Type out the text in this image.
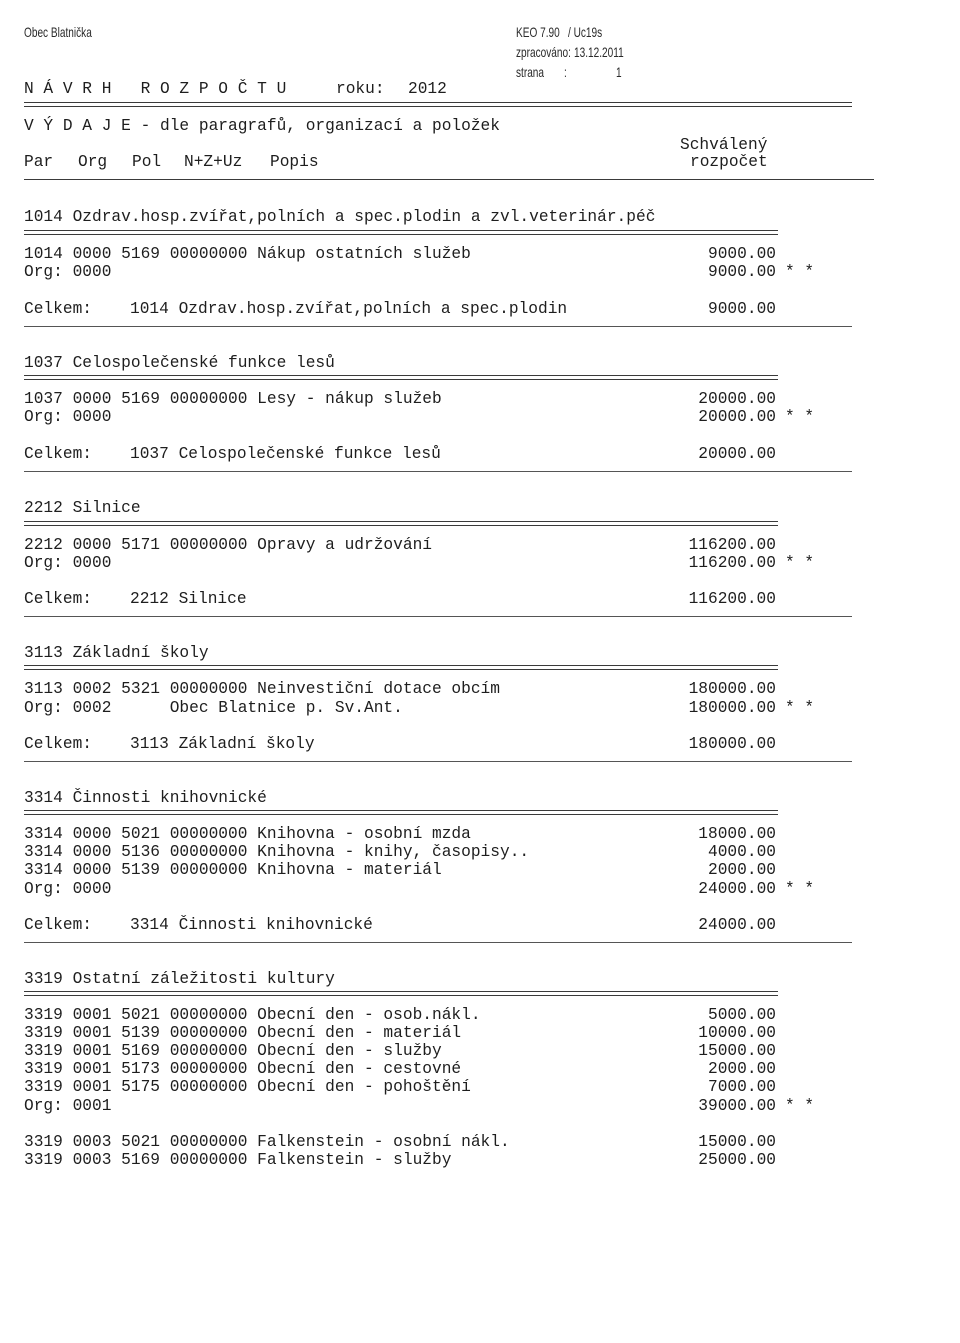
Obec Blatnička	KEO 7.90 / Uc19s
zpracováno: 13.12.2011
strana :	1
N Á V R H   R O Z P O Č T U	roku: 2012
V Ý D A J E - dle paragrafů, organizací a položek
Schválený
Par Org Pol N+Z+Uz Popis	rozpočet
1014 Ozdrav.hosp.zvířat,polních a spec.plodin a zvl.veterinár.péč
1014 0000 5169 00000000 Nákup ostatních služeb	9000.00
Org: 0000	9000.00 * *
Celkem: 1014 Ozdrav.hosp.zvířat,polních a spec.plodin	9000.00
1037 Celospolečenské funkce lesů
1037 0000 5169 00000000 Lesy - nákup služeb	20000.00
Org: 0000	20000.00 * *
Celkem: 1037 Celospolečenské funkce lesů	20000.00
2212 Silnice
2212 0000 5171 00000000 Opravy a udržování	116200.00
Org: 0000	116200.00 * *
Celkem: 2212 Silnice	116200.00
3113 Základní školy
3113 0002 5321 00000000 Neinvestiční dotace obcím	180000.00
Org: 0002      Obec Blatnice p. Sv.Ant.	180000.00 * *
Celkem: 3113 Základní školy	180000.00
3314 Činnosti knihovnické
3314 0000 5021 00000000 Knihovna - osobní mzda	18000.00
3314 0000 5136 00000000 Knihovna - knihy, časopisy..	4000.00
3314 0000 5139 00000000 Knihovna - materiál	2000.00
Org: 0000	24000.00 * *
Celkem: 3314 Činnosti knihovnické	24000.00
3319 Ostatní záležitosti kultury
3319 0001 5021 00000000 Obecní den - osob.nákl.	5000.00
3319 0001 5139 00000000 Obecní den - materiál	10000.00
3319 0001 5169 00000000 Obecní den - služby	15000.00
3319 0001 5173 00000000 Obecní den - cestovné	2000.00
3319 0001 5175 00000000 Obecní den - pohoštění	7000.00
Org: 0001	39000.00 * *
3319 0003 5021 00000000 Falkenstein - osobní nákl.	15000.00
3319 0003 5169 00000000 Falkenstein - služby	25000.00
